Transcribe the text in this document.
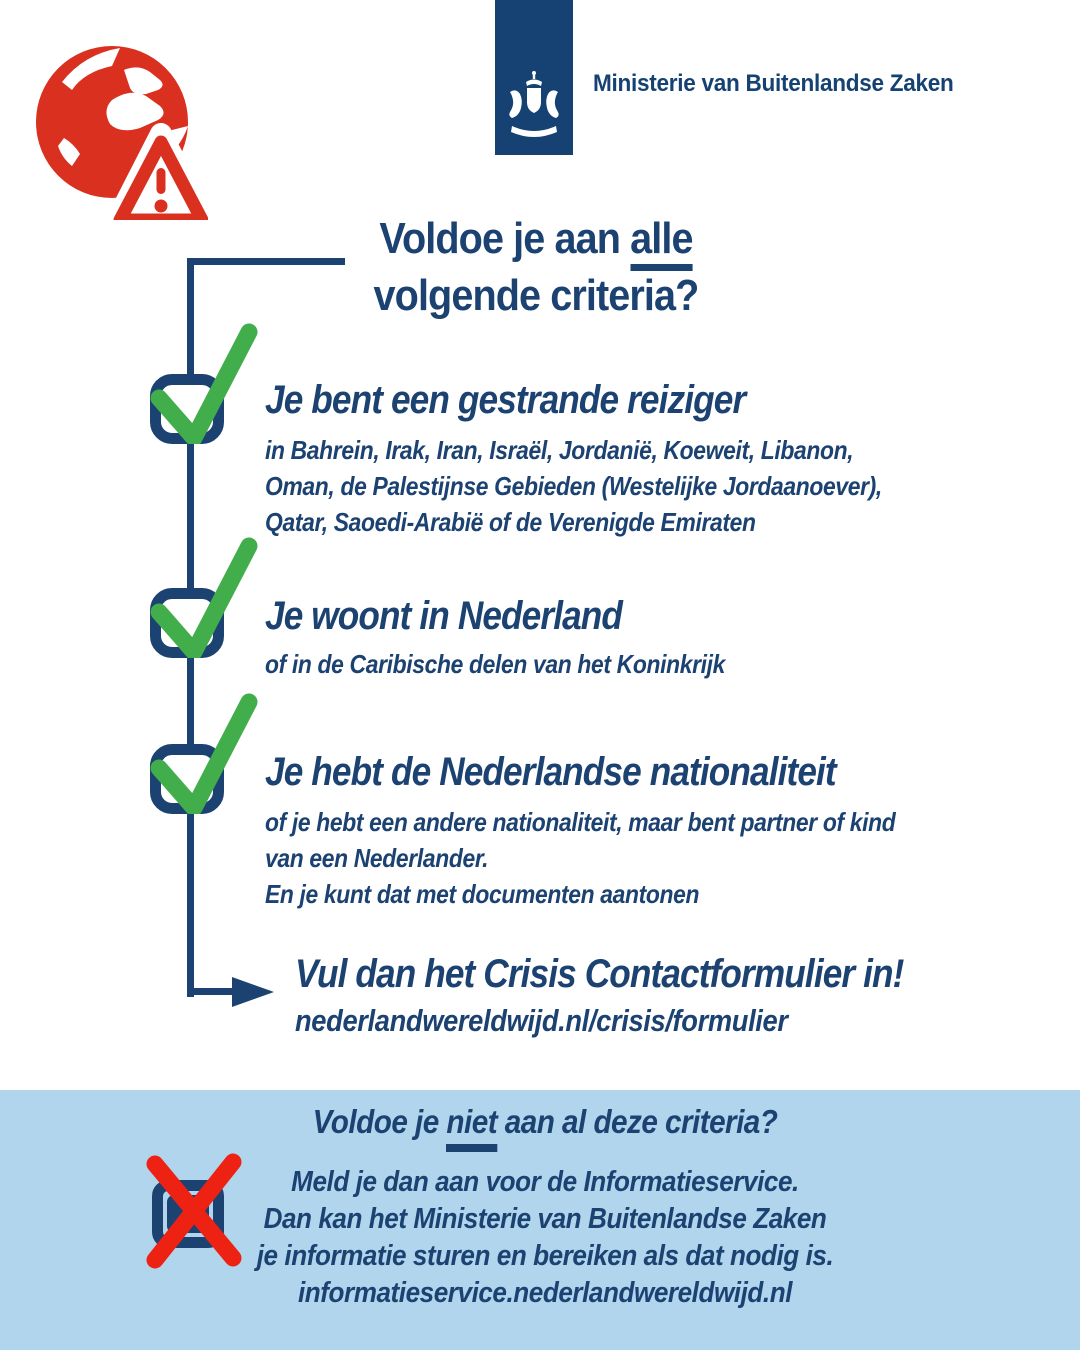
Ministerie van Buitenlandse Zaken
Voldoe je aan alle
volgende criteria?
Je bent een gestrande reiziger
in Bahrein, Irak, Iran, Israël, Jordanië, Koeweit, Libanon,
Oman, de Palestijnse Gebieden (Westelijke Jordaanoever),
Qatar, Saoedi-Arabië of de Verenigde Emiraten
Je woont in Nederland
of in de Caribische delen van het Koninkrijk
Je hebt de Nederlandse nationaliteit
of je hebt een andere nationaliteit, maar bent partner of kind
van een Nederlander.
En je kunt dat met documenten aantonen
Vul dan het Crisis Contactformulier in!
nederlandwereldwijd.nl/crisis/formulier
Voldoe je niet aan al deze criteria?
Meld je dan aan voor de Informatieservice.
Dan kan het Ministerie van Buitenlandse Zaken
je informatie sturen en bereiken als dat nodig is.
informatieservice.nederlandwereldwijd.nl
